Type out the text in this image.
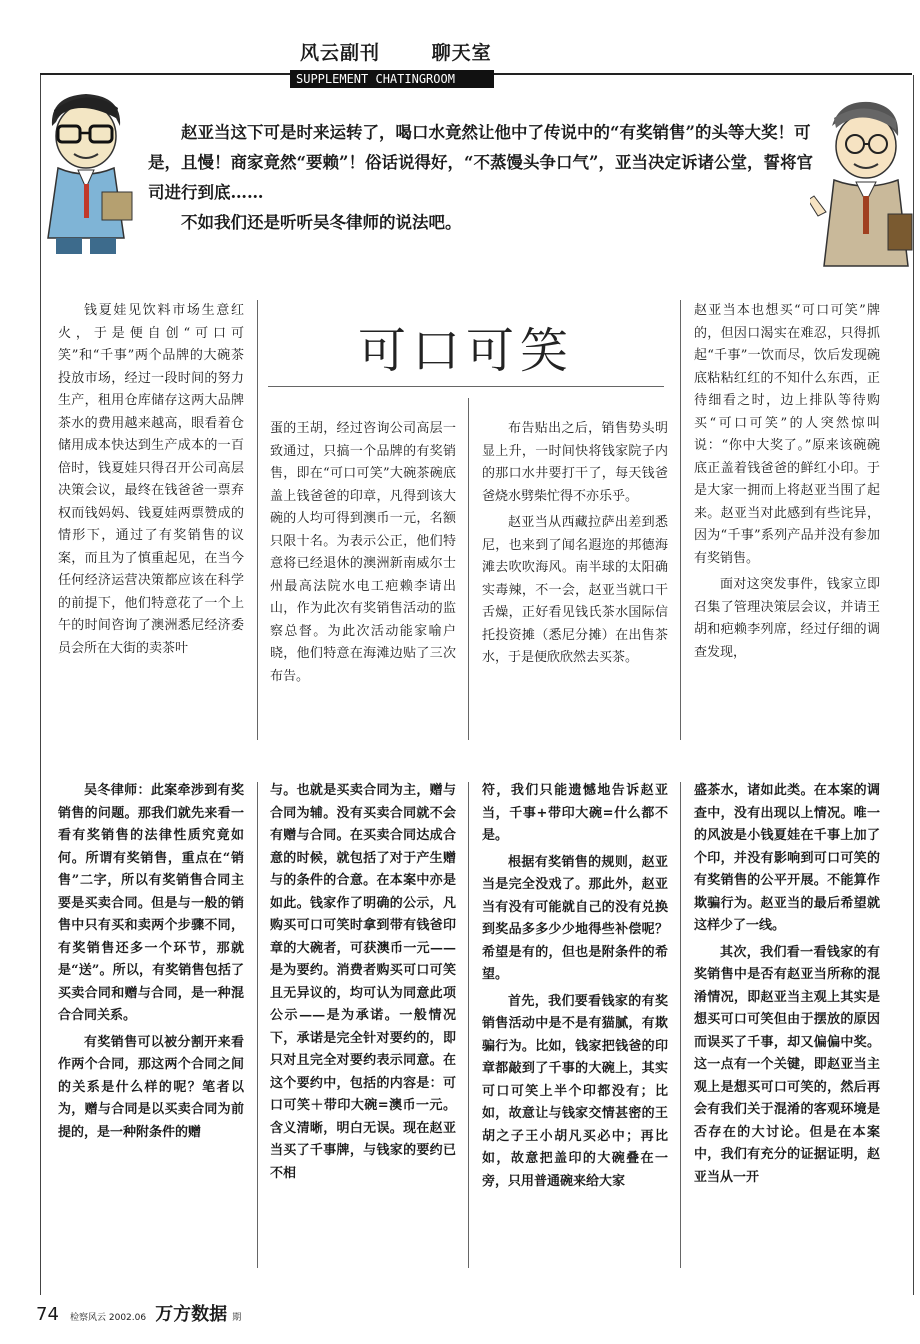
风云副刊	聊天室
SUPPLEMENT CHATINGROOM

赵亚当这下可是时来运转了，喝口水竟然让他中了传说中的“有奖销售”的头等大奖！可是，且慢！商家竟然“要赖”！俗话说得好，“不蒸馒头争口气”，亚当决定诉诸公堂，誓将官司进行到底……

不如我们还是听听吴冬律师的说法吧。

可口可笑

钱夏娃见饮料市场生意红火，于是便自创“可口可笑”和“千事”两个品牌的大碗茶投放市场，经过一段时间的努力生产，租用仓库储存这两大品牌茶水的费用越来越高，眼看着仓储用成本快达到生产成本的一百倍时，钱夏娃只得召开公司高层决策会议，最终在钱爸爸一票弃权而钱妈妈、钱夏娃两票赞成的情形下，通过了有奖销售的议案，而且为了慎重起见，在当今任何经济运营决策都应该在科学的前提下，他们特意花了一个上午的时间咨询了澳洲悉尼经济委员会所在大街的卖茶叶

蛋的王胡，经过咨询公司高层一致通过，只搞一个品牌的有奖销售，即在“可口可笑”大碗茶碗底盖上钱爸爸的印章，凡得到该大碗的人均可得到澳币一元，名额只限十名。为表示公正，他们特意将已经退休的澳洲新南威尔士州最高法院水电工疤赖李请出山，作为此次有奖销售活动的监察总督。为此次活动能家喻户晓，他们特意在海滩边贴了三次布告。

布告贴出之后，销售势头明显上升，一时间快将钱家院子内的那口水井要打干了，每天钱爸爸烧水劈柴忙得不亦乐乎。

赵亚当从西藏拉萨出差到悉尼，也来到了闻名遐迩的邦德海滩去吹吹海风。南半球的太阳确实毒辣，不一会，赵亚当就口干舌燥，正好看见钱氏茶水国际信托投资摊（悉尼分摊）在出售茶水，于是便欣欣然去买茶。

赵亚当本也想买“可口可笑”牌的，但因口渴实在难忍，只得抓起“千事”一饮而尽，饮后发现碗底粘粘红红的不知什么东西，正待细看之时，边上排队等待购买“可口可笑”的人突然惊叫说：“你中大奖了。”原来该碗碗底正盖着钱爸爸的鲜红小印。于是大家一拥而上将赵亚当围了起来。赵亚当对此感到有些诧异，因为“千事”系列产品并没有参加有奖销售。

面对这突发事件，钱家立即召集了管理决策层会议，并请王胡和疤赖李列席，经过仔细的调查发现，

吴冬律师：此案牵涉到有奖销售的问题。那我们就先来看一看有奖销售的法律性质究竟如何。所谓有奖销售，重点在“销售”二字，所以有奖销售合同主要是买卖合同。但是与一般的销售中只有买和卖两个步骤不同，有奖销售还多一个环节，那就是“送”。所以，有奖销售包括了买卖合同和赠与合同，是一种混合合同关系。

有奖销售可以被分割开来看作两个合同，那这两个合同之间的关系是什么样的呢？笔者以为，赠与合同是以买卖合同为前提的，是一种附条件的赠

与。也就是买卖合同为主，赠与合同为辅。没有买卖合同就不会有赠与合同。在买卖合同达成合意的时候，就包括了对于产生赠与的条件的合意。在本案中亦是如此。钱家作了明确的公示，凡购买可口可笑时拿到带有钱爸印章的大碗者，可获澳币一元——是为要约。消费者购买可口可笑且无异议的，均可认为同意此项公示——是为承诺。一般情况下，承诺是完全针对要约的，即只对且完全对要约表示同意。在这个要约中，包括的内容是：可口可笑＋带印大碗=澳币一元。含义清晰，明白无误。现在赵亚当买了千事牌，与钱家的要约已不相

符，我们只能遗憾地告诉赵亚当，千事+带印大碗=什么都不是。

根据有奖销售的规则，赵亚当是完全没戏了。那此外，赵亚当有没有可能就自己的没有兑换到奖品多多少少地得些补偿呢？希望是有的，但也是附条件的希望。

首先，我们要看钱家的有奖销售活动中是不是有猫腻，有欺骗行为。比如，钱家把钱爸的印章都敲到了千事的大碗上，其实可口可笑上半个印都没有；比如，故意让与钱家交情甚密的王胡之子王小胡凡买必中；再比如，故意把盖印的大碗叠在一旁，只用普通碗来给大家

盛茶水，诸如此类。在本案的调查中，没有出现以上情况。唯一的风波是小钱夏娃在千事上加了个印，并没有影响到可口可笑的有奖销售的公平开展。不能算作欺骗行为。赵亚当的最后希望就这样少了一线。

其次，我们看一看钱家的有奖销售中是否有赵亚当所称的混淆情况，即赵亚当主观上其实是想买可口可笑但由于摆放的原因而误买了千事，却又偏偏中奖。这一点有一个关键，即赵亚当主观上是想买可口可笑的，然后再会有我们关于混淆的客观环境是否存在的大讨论。但是在本案中，我们有充分的证据证明，赵亚当从一开

74 检察风云 2002.06 万方数据 期
